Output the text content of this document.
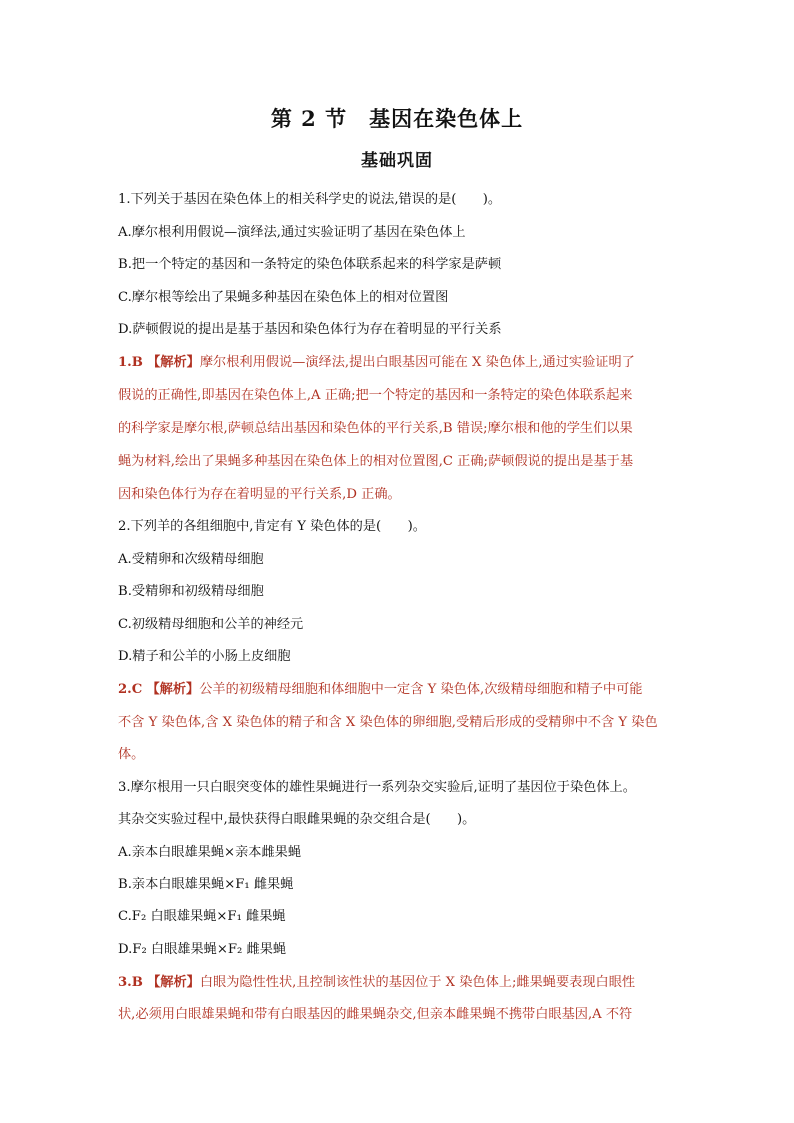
第 2 节　基因在染色体上
基础巩固
1.下列关于基因在染色体上的相关科学史的说法,错误的是(　　)。
A.摩尔根利用假说—演绎法,通过实验证明了基因在染色体上
B.把一个特定的基因和一条特定的染色体联系起来的科学家是萨顿
C.摩尔根等绘出了果蝇多种基因在染色体上的相对位置图
D.萨顿假说的提出是基于基因和染色体行为存在着明显的平行关系
1.B 【解析】摩尔根利用假说—演绎法,提出白眼基因可能在 X 染色体上,通过实验证明了
假说的正确性,即基因在染色体上,A 正确;把一个特定的基因和一条特定的染色体联系起来
的科学家是摩尔根,萨顿总结出基因和染色体的平行关系,B 错误;摩尔根和他的学生们以果
蝇为材料,绘出了果蝇多种基因在染色体上的相对位置图,C 正确;萨顿假说的提出是基于基
因和染色体行为存在着明显的平行关系,D 正确。
2.下列羊的各组细胞中,肯定有 Y 染色体的是(　　)。
A.受精卵和次级精母细胞
B.受精卵和初级精母细胞
C.初级精母细胞和公羊的神经元
D.精子和公羊的小肠上皮细胞
2.C 【解析】公羊的初级精母细胞和体细胞中一定含 Y 染色体,次级精母细胞和精子中可能
不含 Y 染色体,含 X 染色体的精子和含 X 染色体的卵细胞,受精后形成的受精卵中不含 Y 染色
体。
3.摩尔根用一只白眼突变体的雄性果蝇进行一系列杂交实验后,证明了基因位于染色体上。
其杂交实验过程中,最快获得白眼雌果蝇的杂交组合是(　　)。
A.亲本白眼雄果蝇×亲本雌果蝇
B.亲本白眼雄果蝇×F₁ 雌果蝇
C.F₂ 白眼雄果蝇×F₁ 雌果蝇
D.F₂ 白眼雄果蝇×F₂ 雌果蝇
3.B 【解析】白眼为隐性性状,且控制该性状的基因位于 X 染色体上;雌果蝇要表现白眼性
状,必须用白眼雄果蝇和带有白眼基因的雌果蝇杂交,但亲本雌果蝇不携带白眼基因,A 不符
